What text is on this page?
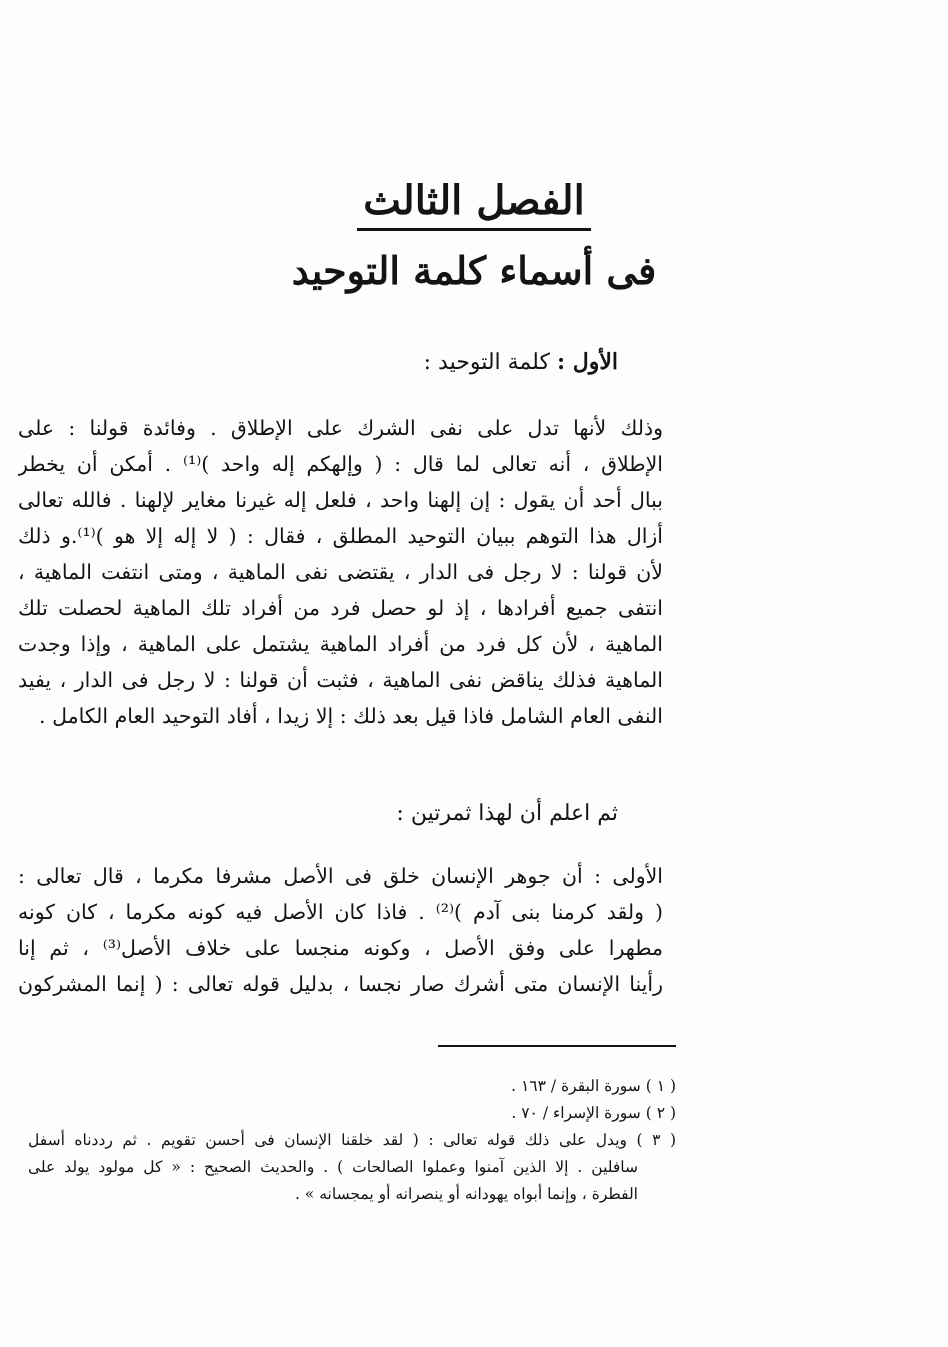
الفصل الثالث
فى أسماء كلمة التوحيد
الأول : كلمة التوحيد :
وذلك لأنها تدل على نفى الشرك على الإطلاق . وفائدة قولنا : على
الإطلاق ، أنه تعالى لما قال : ( وإلهكم إله واحد )⁽¹⁾ . أمكن أن يخطر
ببال أحد أن يقول : إن إلهنا واحد ، فلعل إله غيرنا مغاير لإلهنا . فالله تعالى
أزال هذا التوهم ببيان التوحيد المطلق ، فقال : ( لا إله إلا هو )⁽¹⁾.و ذلك
لأن قولنا : لا رجل فى الدار ، يقتضى نفى الماهية ، ومتى انتفت الماهية ،
انتفى جميع أفرادها ، إذ لو حصل فرد من أفراد تلك الماهية لحصلت تلك
الماهية ، لأن كل فرد من أفراد الماهية يشتمل على الماهية ، وإذا وجدت
الماهية فذلك يناقض نفى الماهية ، فثبت أن قولنا : لا رجل فى الدار ، يفيد
النفى العام الشامل فاذا قيل بعد ذلك : إلا زيدا ، أفاد التوحيد العام الكامل .
ثم اعلم أن لهذا ثمرتين :
الأولى : أن جوهر الإنسان خلق فى الأصل مشرفا مكرما ، قال تعالى :
( ولقد كرمنا بنى آدم )⁽²⁾ . فاذا كان الأصل فيه كونه مكرما ، كان كونه
مطهرا على وفق الأصل ، وكونه منجسا على خلاف الأصل⁽³⁾ ، ثم إنا
رأينا الإنسان متى أشرك صار نجسا ، بدليل قوله تعالى : ( إنما المشركون
( ١ ) سورة البقرة / ١٦٣ .
( ٢ ) سورة الإسراء / ٧٠ .
( ٣ ) ويدل على ذلك قوله تعالى : ( لقد خلقنا الإنسان فى أحسن تقويم . ثم رددناه أسفل
سافلين . إلا الذين آمنوا وعملوا الصالحات ) . والحديث الصحيح : « كل مولود يولد على
الفطرة ، وإنما أبواه يهودانه أو ينصرانه أو يمجسانه » .
